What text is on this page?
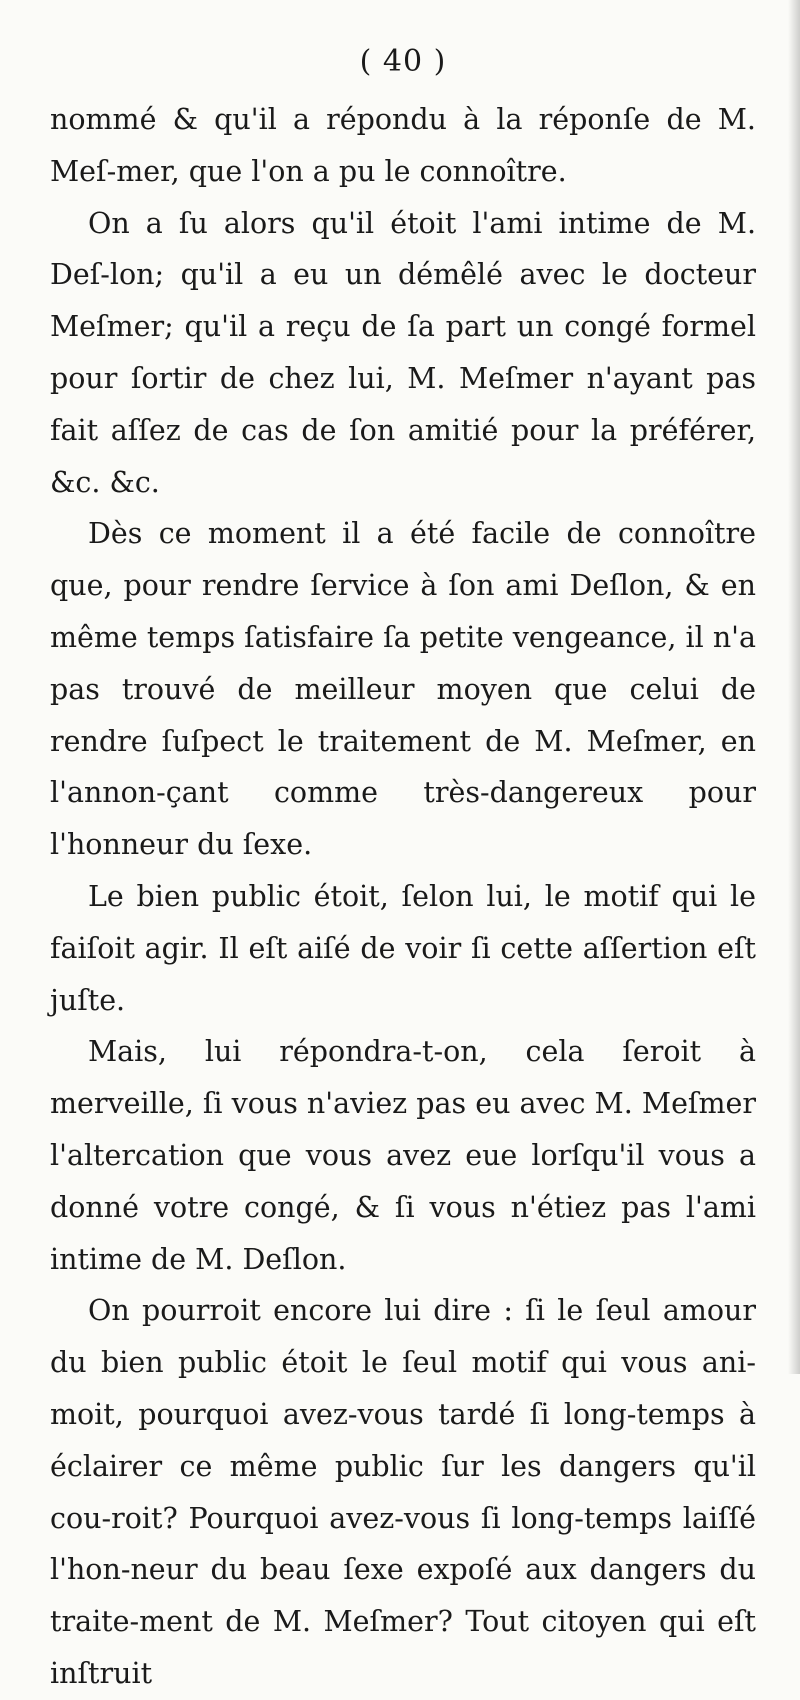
( 40 )

nommé & qu'il a répondu à la réponſe de M. Meſ-mer, que l'on a pu le connoître.

On a ſu alors qu'il étoit l'ami intime de M. Deſ-lon; qu'il a eu un démêlé avec le docteur Meſmer; qu'il a reçu de ſa part un congé formel pour ſortir de chez lui, M. Meſmer n'ayant pas fait aſſez de cas de ſon amitié pour la préférer, &c. &c.

Dès ce moment il a été facile de connoître que, pour rendre ſervice à ſon ami Deſlon, & en même temps ſatisfaire ſa petite vengeance, il n'a pas trouvé de meilleur moyen que celui de rendre ſuſpect le traitement de M. Meſmer, en l'annon-çant comme très-dangereux pour l'honneur du ſexe.

Le bien public étoit, ſelon lui, le motif qui le faiſoit agir. Il eſt aiſé de voir ſi cette aſſertion eſt juſte.

Mais, lui répondra-t-on, cela ſeroit à merveille, ſi vous n'aviez pas eu avec M. Meſmer l'altercation que vous avez eue lorſqu'il vous a donné votre congé, & ſi vous n'étiez pas l'ami intime de M. Deſlon.

On pourroit encore lui dire : ſi le ſeul amour du bien public étoit le ſeul motif qui vous ani-moit, pourquoi avez-vous tardé ſi long-temps à éclairer ce même public ſur les dangers qu'il cou-roit? Pourquoi avez-vous ſi long-temps laiſſé l'hon-neur du beau ſexe expoſé aux dangers du traite-ment de M. Meſmer? Tout citoyen qui eſt inſtruit
